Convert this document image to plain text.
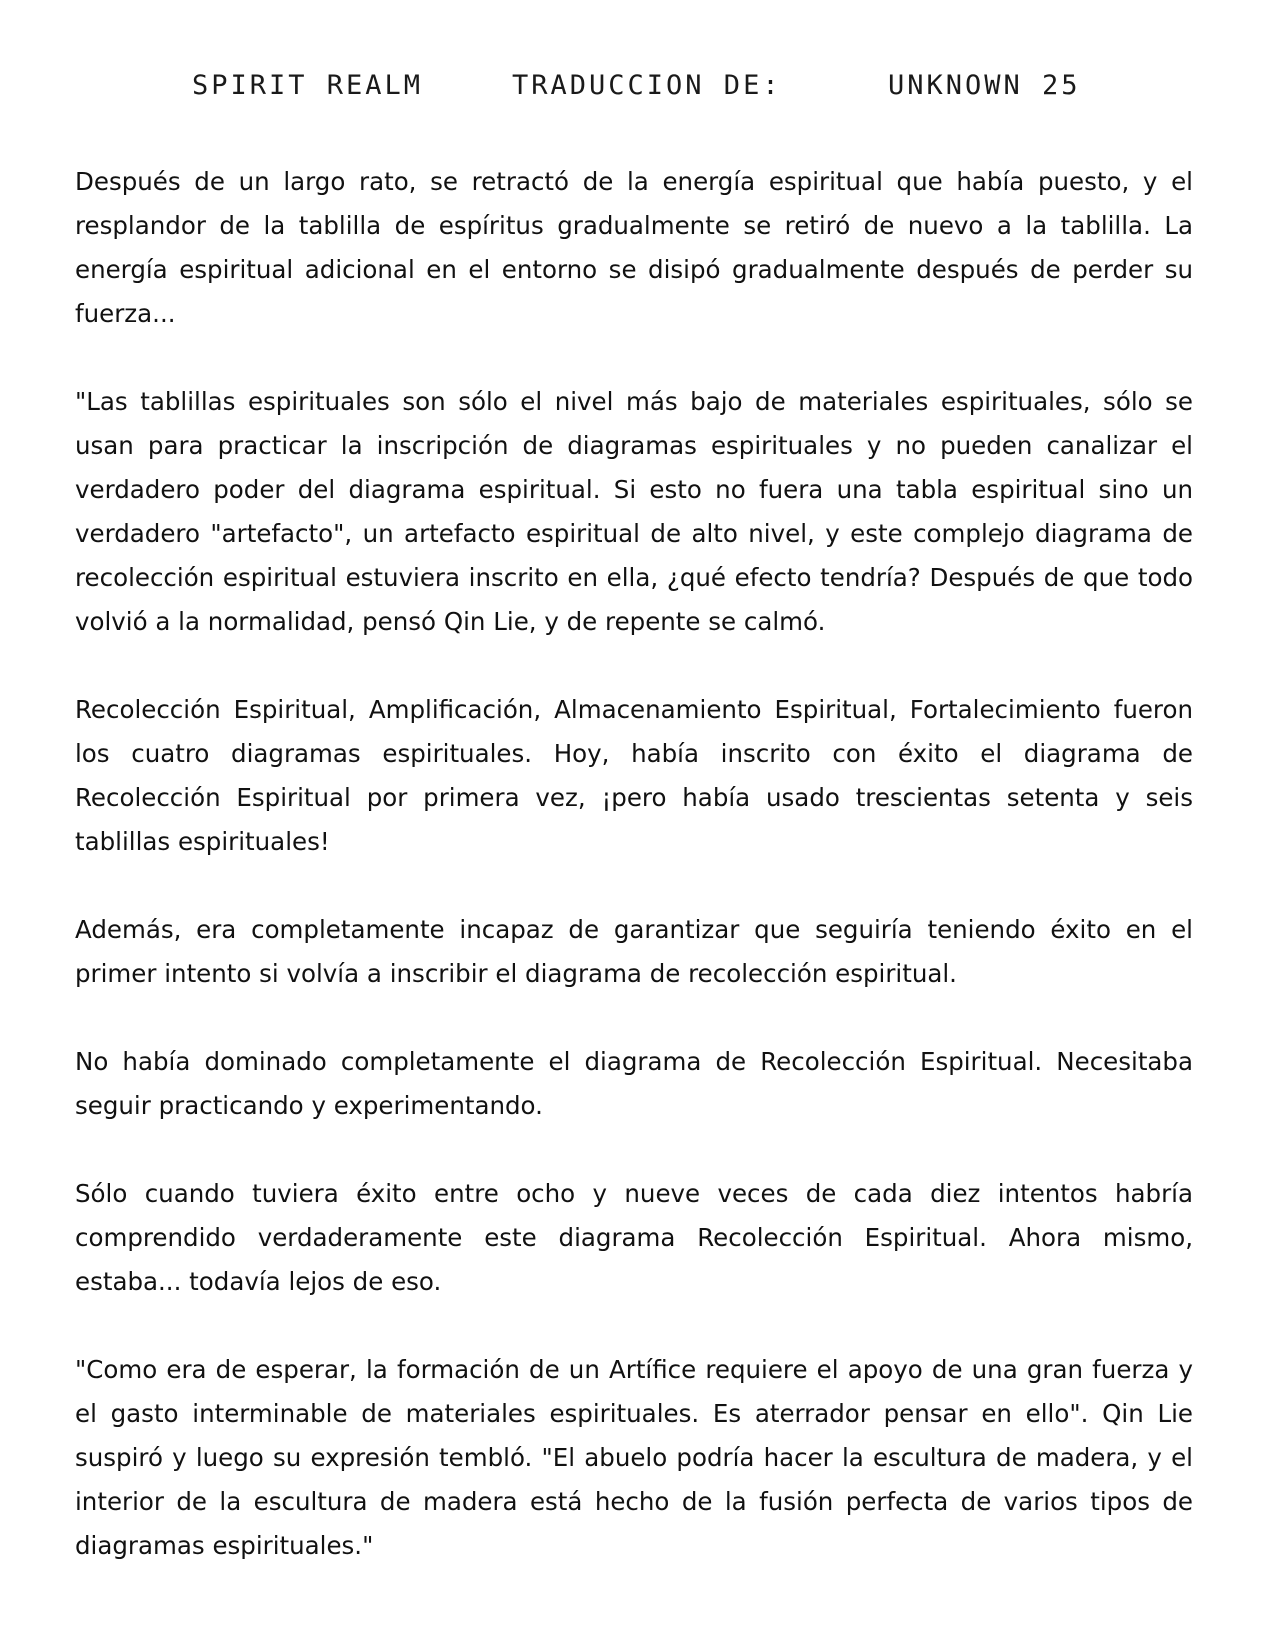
SPIRIT REALM	TRADUCCION DE:	UNKNOWN 25

Después de un largo rato, se retractó de la energía espiritual que había puesto, y el resplandor de la tablilla de espíritus gradualmente se retiró de nuevo a la tablilla. La energía espiritual adicional en el entorno se disipó gradualmente después de perder su fuerza...

"Las tablillas espirituales son sólo el nivel más bajo de materiales espirituales, sólo se usan para practicar la inscripción de diagramas espirituales y no pueden canalizar el verdadero poder del diagrama espiritual. Si esto no fuera una tabla espiritual sino un verdadero "artefacto", un artefacto espiritual de alto nivel, y este complejo diagrama de recolección espiritual estuviera inscrito en ella, ¿qué efecto tendría? Después de que todo volvió a la normalidad, pensó Qin Lie, y de repente se calmó.

Recolección Espiritual, Amplificación, Almacenamiento Espiritual, Fortalecimiento fueron los cuatro diagramas espirituales. Hoy, había inscrito con éxito el diagrama de Recolección Espiritual por primera vez, ¡pero había usado trescientas setenta y seis tablillas espirituales!

Además, era completamente incapaz de garantizar que seguiría teniendo éxito en el primer intento si volvía a inscribir el diagrama de recolección espiritual.

No había dominado completamente el diagrama de Recolección Espiritual. Necesitaba seguir practicando y experimentando.

Sólo cuando tuviera éxito entre ocho y nueve veces de cada diez intentos habría comprendido verdaderamente este diagrama Recolección Espiritual. Ahora mismo, estaba... todavía lejos de eso.

"Como era de esperar, la formación de un Artífice requiere el apoyo de una gran fuerza y el gasto interminable de materiales espirituales. Es aterrador pensar en ello". Qin Lie suspiró y luego su expresión tembló. "El abuelo podría hacer la escultura de madera, y el interior de la escultura de madera está hecho de la fusión perfecta de varios tipos de diagramas espirituales."
